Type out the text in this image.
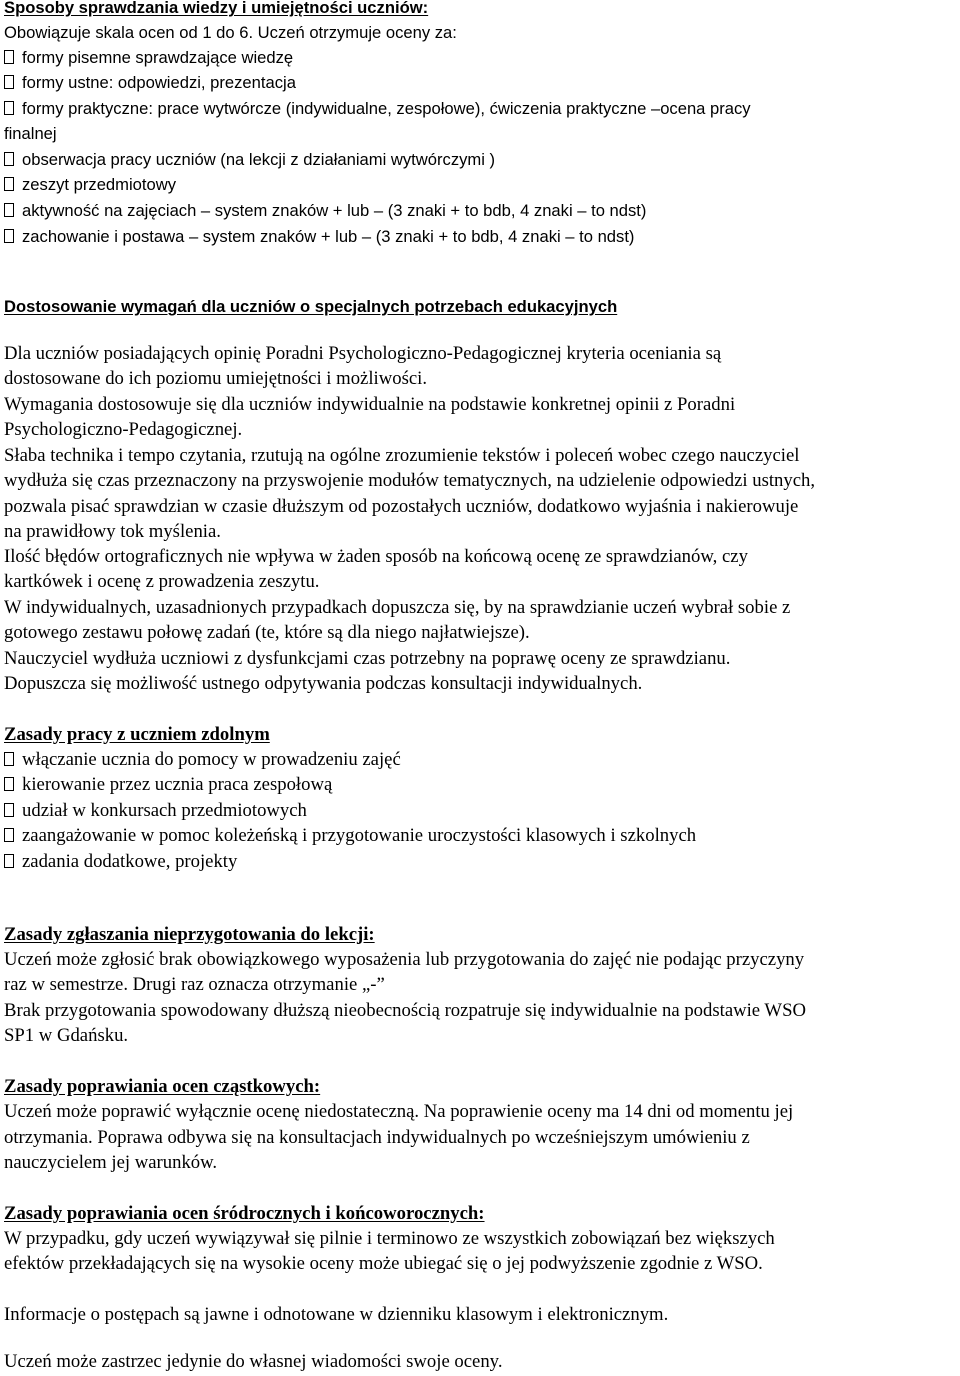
Sposoby sprawdzania wiedzy i umiejętności uczniów:
Obowiązuje skala ocen od 1 do 6. Uczeń otrzymuje oceny za:
formy pisemne sprawdzające wiedzę
formy ustne: odpowiedzi, prezentacja
formy praktyczne: prace wytwórcze (indywidualne, zespołowe), ćwiczenia praktyczne –ocena pracy
finalnej
obserwacja pracy uczniów (na lekcji z działaniami wytwórczymi )
zeszyt przedmiotowy
aktywność na zajęciach – system znaków + lub – (3 znaki + to bdb, 4 znaki – to ndst)
zachowanie i postawa – system znaków + lub – (3 znaki + to bdb, 4 znaki – to ndst)
Dostosowanie wymagań dla uczniów o specjalnych potrzebach edukacyjnych
Dla uczniów posiadających opinię Poradni Psychologiczno-Pedagogicznej kryteria oceniania są
dostosowane do ich poziomu umiejętności i możliwości.
Wymagania dostosowuje się dla uczniów indywidualnie na podstawie konkretnej opinii z Poradni
Psychologiczno-Pedagogicznej.
Słaba technika i tempo czytania, rzutują na ogólne zrozumienie tekstów i poleceń wobec czego nauczyciel
wydłuża się czas przeznaczony na przyswojenie modułów tematycznych, na udzielenie odpowiedzi ustnych,
pozwala pisać sprawdzian w czasie dłuższym od pozostałych uczniów, dodatkowo wyjaśnia i nakierowuje
na prawidłowy tok myślenia.
Ilość błędów ortograficznych nie wpływa w żaden sposób na końcową ocenę ze sprawdzianów, czy
kartkówek i ocenę z prowadzenia zeszytu.
W indywidualnych, uzasadnionych przypadkach dopuszcza się, by na sprawdzianie uczeń wybrał sobie z
gotowego zestawu połowę zadań (te, które są dla niego najłatwiejsze).
Nauczyciel wydłuża uczniowi z dysfunkcjami czas potrzebny na poprawę oceny ze sprawdzianu.
Dopuszcza się możliwość ustnego odpytywania podczas konsultacji indywidualnych.
Zasady pracy z uczniem zdolnym
włączanie ucznia do pomocy w prowadzeniu zajęć
kierowanie przez ucznia praca zespołową
udział w konkursach przedmiotowych
zaangażowanie w pomoc koleżeńską i przygotowanie uroczystości klasowych i szkolnych
zadania dodatkowe, projekty
Zasady zgłaszania nieprzygotowania do lekcji:
Uczeń może zgłosić brak obowiązkowego wyposażenia lub przygotowania do zajęć nie podając przyczyny
raz w semestrze. Drugi raz oznacza otrzymanie „-”
Brak przygotowania spowodowany dłuższą nieobecnością rozpatruje się indywidualnie na podstawie WSO
SP1 w Gdańsku.
Zasady poprawiania ocen cząstkowych:
Uczeń może poprawić wyłącznie ocenę niedostateczną. Na poprawienie oceny ma 14 dni od momentu jej
otrzymania. Poprawa odbywa się na konsultacjach indywidualnych po wcześniejszym umówieniu z
nauczycielem jej warunków.
Zasady poprawiania ocen śródrocznych i końcoworocznych:
W przypadku, gdy uczeń wywiązywał się pilnie i terminowo ze wszystkich zobowiązań bez większych
efektów przekładających się na wysokie oceny może ubiegać się o jej podwyższenie zgodnie z WSO.
Informacje o postępach są jawne i odnotowane w dzienniku klasowym i elektronicznym.
Uczeń może zastrzec jedynie do własnej wiadomości swoje oceny.
